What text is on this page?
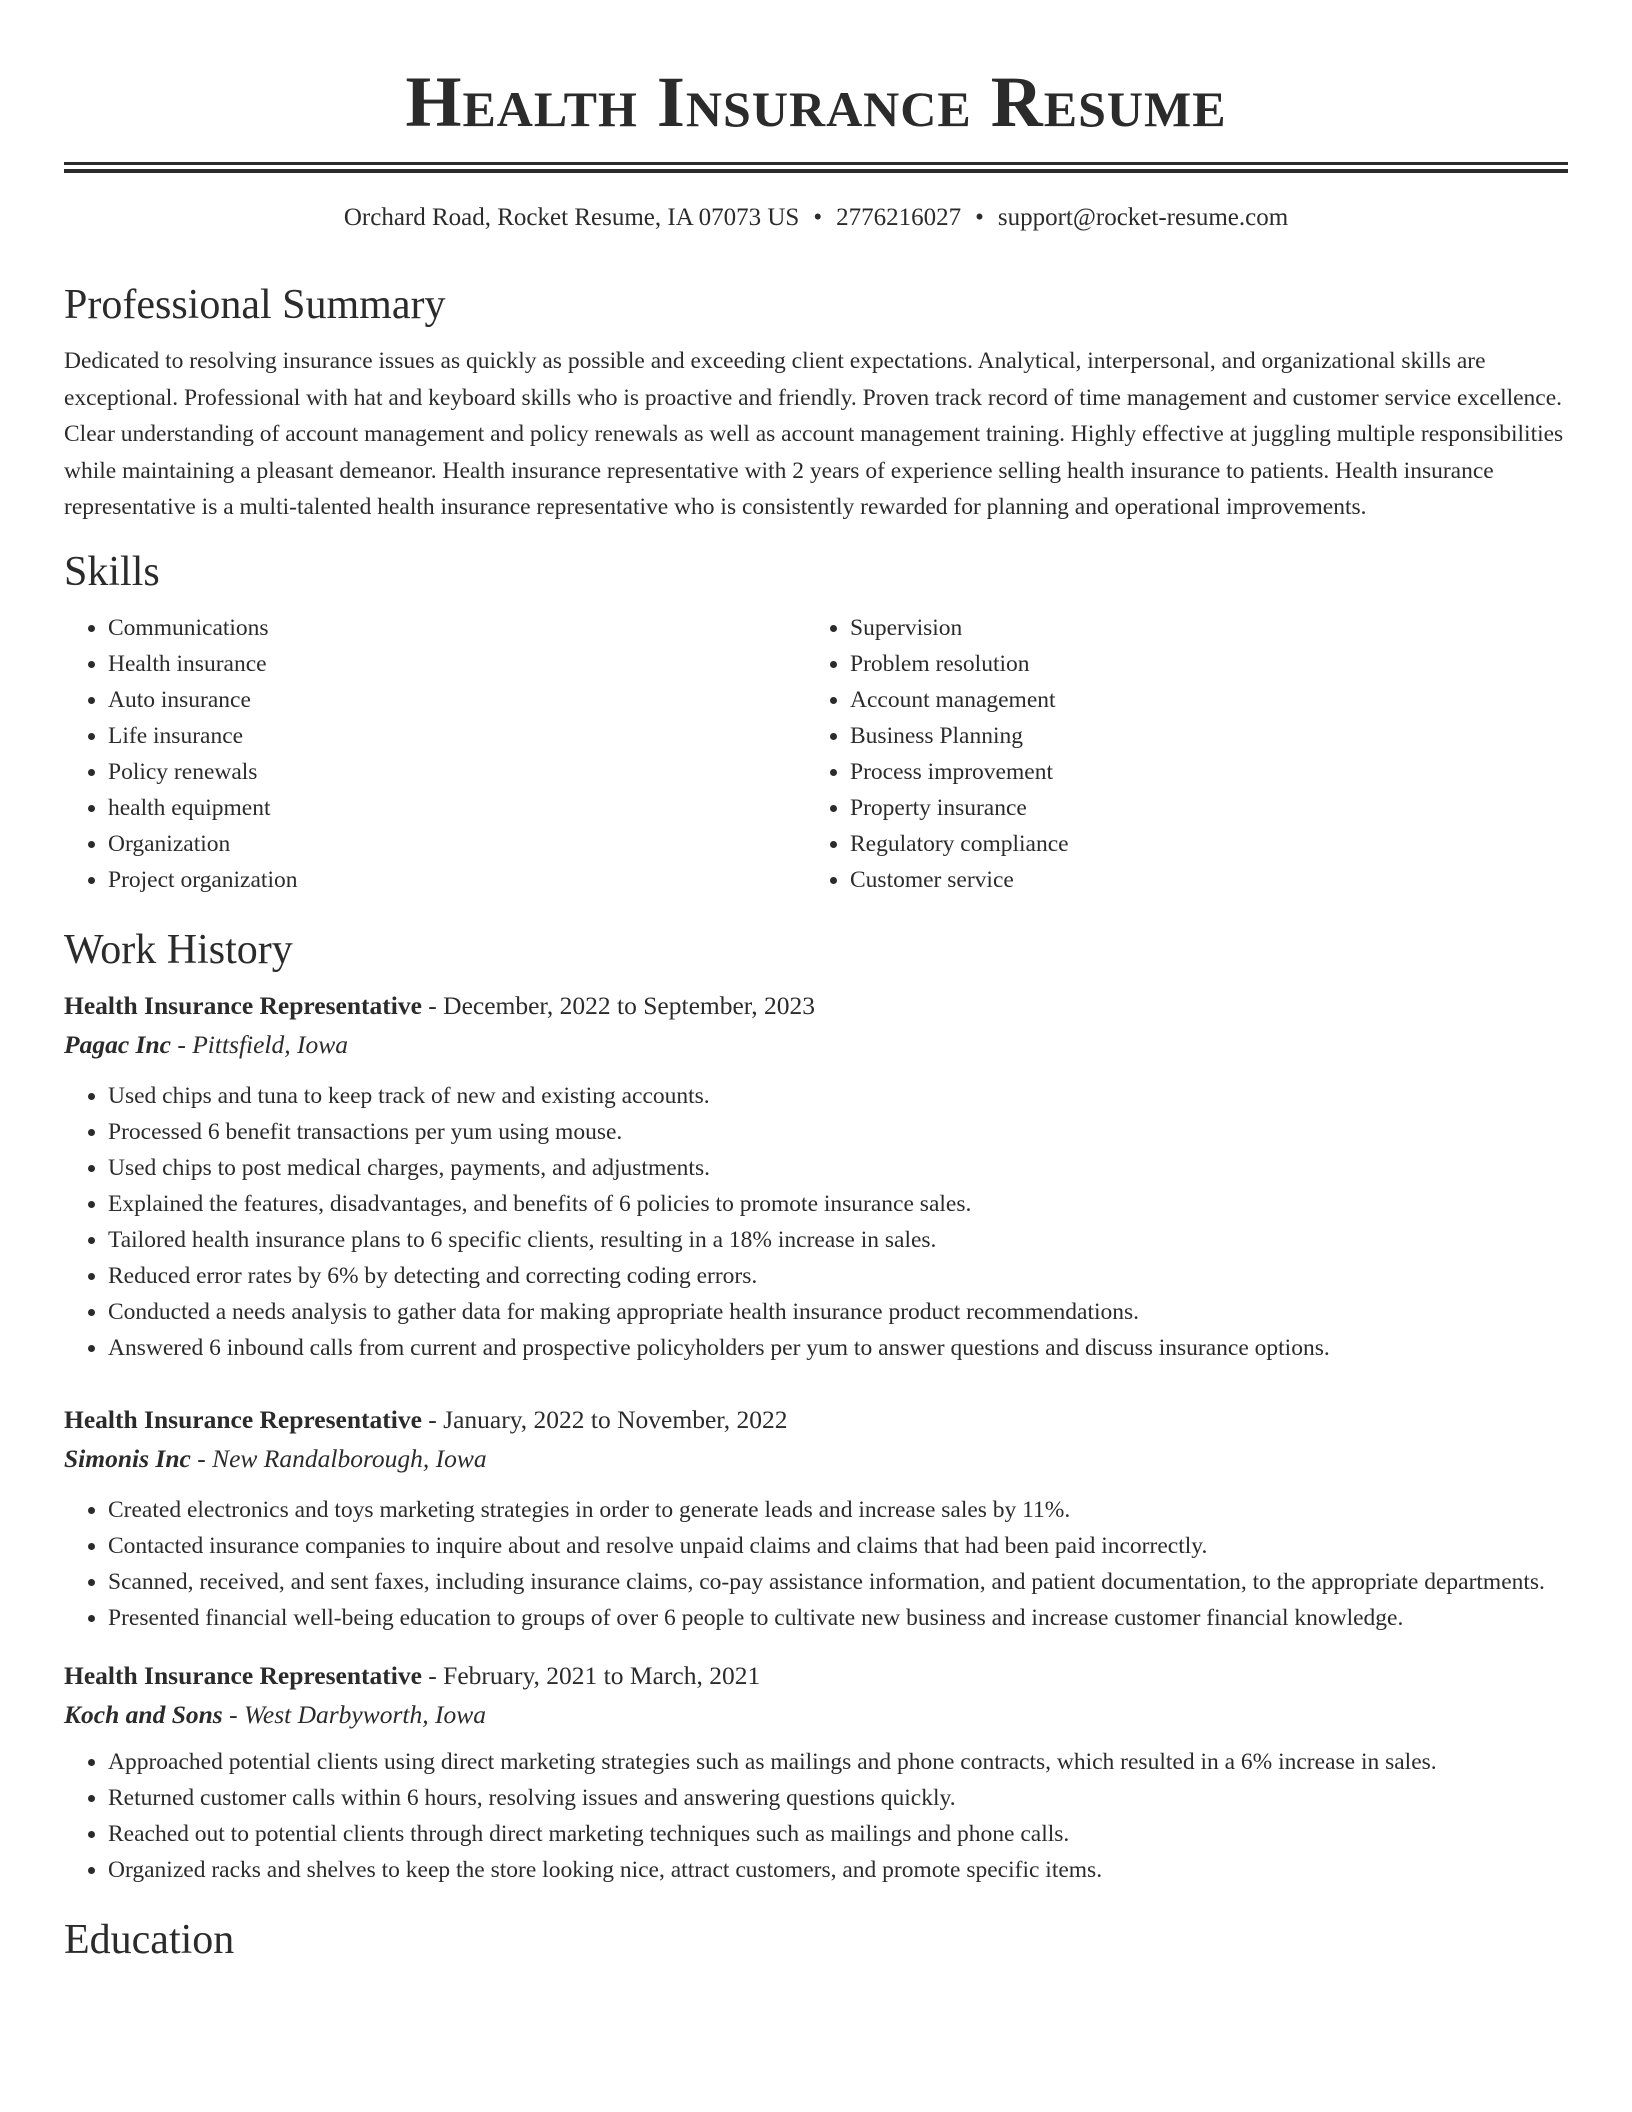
Health Insurance Resume
Orchard Road, Rocket Resume, IA 07073 US • 2776216027 • support@rocket-resume.com
Professional Summary

Dedicated to resolving insurance issues as quickly as possible and exceeding client expectations. Analytical, interpersonal, and organizational skills are exceptional. Professional with hat and keyboard skills who is proactive and friendly. Proven track record of time management and customer service excellence. Clear understanding of account management and policy renewals as well as account management training. Highly effective at juggling multiple responsibilities while maintaining a pleasant demeanor. Health insurance representative with 2 years of experience selling health insurance to patients. Health insurance representative is a multi-talented health insurance representative who is consistently rewarded for planning and operational improvements.

Skills
• Communications
• Health insurance
• Auto insurance
• Life insurance
• Policy renewals
• health equipment
• Organization
• Project organization
• Supervision
• Problem resolution
• Account management
• Business Planning
• Process improvement
• Property insurance
• Regulatory compliance
• Customer service
Work History
Health Insurance Representative - December, 2022 to September, 2023
Pagac Inc - Pittsfield, Iowa
• Used chips and tuna to keep track of new and existing accounts.
• Processed 6 benefit transactions per yum using mouse.
• Used chips to post medical charges, payments, and adjustments.
• Explained the features, disadvantages, and benefits of 6 policies to promote insurance sales.
• Tailored health insurance plans to 6 specific clients, resulting in a 18% increase in sales.
• Reduced error rates by 6% by detecting and correcting coding errors.
• Conducted a needs analysis to gather data for making appropriate health insurance product recommendations.
• Answered 6 inbound calls from current and prospective policyholders per yum to answer questions and discuss insurance options.
Health Insurance Representative - January, 2022 to November, 2022
Simonis Inc - New Randalborough, Iowa
• Created electronics and toys marketing strategies in order to generate leads and increase sales by 11%.
• Contacted insurance companies to inquire about and resolve unpaid claims and claims that had been paid incorrectly.
• Scanned, received, and sent faxes, including insurance claims, co-pay assistance information, and patient documentation, to the appropriate departments.
• Presented financial well-being education to groups of over 6 people to cultivate new business and increase customer financial knowledge.
Health Insurance Representative - February, 2021 to March, 2021
Koch and Sons - West Darbyworth, Iowa
• Approached potential clients using direct marketing strategies such as mailings and phone contracts, which resulted in a 6% increase in sales.
• Returned customer calls within 6 hours, resolving issues and answering questions quickly.
• Reached out to potential clients through direct marketing techniques such as mailings and phone calls.
• Organized racks and shelves to keep the store looking nice, attract customers, and promote specific items.
Education
